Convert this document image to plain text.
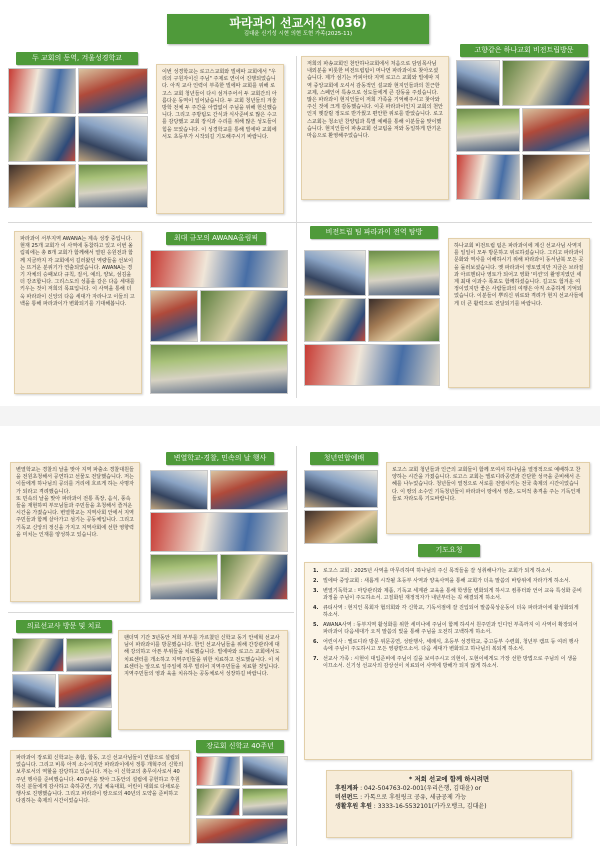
파라과이 선교서신 (036)
김대윤 신기성 시현 의현 도현 가족(2025-11)
두 교회의 동역, 겨울성경학교
이번 성경학교는 로고스교회와 빌에따 교회에서 "우리의 구원자이신 주님" 주제로 연이어 진행되었습니다. 아직 교사 인력이 부족한 빌에따 교회를 위해 로고스 교회 청년들이 다시 섬겨주어서 두 교회간의 아름다운 동역이 일어났습니다. 두 교회 청년들의 겨울 방학 전체 두 주간을 아깝없이 주님을 위해 헌신했습니다. 그리고 주방팀도 간식과 식사준비로 많은 수고를 감당했고 교회 장식과 수리를 위해 많은 성도들이 힘을 모았습니다. 이 성경학교를 통해 빌에따 교회에서도 초등부가 시작되길 기도해주시기 바랍니다.
저희의 파송교회인 천안하나교회에서 처음으로 담임목사님 내외분을 비롯한 비전트립팀이 머나먼 파라과이로 찾아오셨습니다. 제가 섬기는 카피아타 지역 로고스 교회와 빌에따 지역 중앙교회에 오셔서 감동적인 설교와 현지인들과의 친근한 교제, 스페인어 특송으로 성도들에게 큰 감동을 주셨습니다. 많은 파라과이 현지인들이 저희 가족을 기억해주시고 찾아와주신 것에 크게 감동했습니다. 이곳 파라과이인지 교회의 천안인지 헷갈릴 정도로 반가웠고 편안한 위로를 받았습니다. 로고스교회는 청소년 찬양팀과 특별 예배를 통해 이분들을 맞이했습니다. 현지인들이 파송교회 선교팀을 저와 동일하게 반기운 마음으로 환영해주었습니다.
고향같은 하나교회 비전트립방문
파라과이 서부지역 AWANA는 계속 성장 중입니다. 현재 25개 교회가 이 사역에 동참하고 있고 이번 올림픽에는 총 8개 교회가 함께해서 열띤 응원전과 함께 지금까지 각 교회에서 길러왔던 역량들을 선보이는 뜨거운 분위기가 연출되었습니다. AWANA는 경기 자체의 승패보다 규칙, 질서, 예의, 양보, 섬김을 더 강조합니다. 그리스도의 성품을 갈은 다음 세대를 키우는 것이 저희의 목표입니다. 이 사역을 통해 더욱 파라과이 신앙의 다음 세대가 자라나고 이들의 고백을 통해 파라과이가 변화되기를 기대해봅니다.
최대 규모의 AWANA올림픽
비전트립 팀 파라과이 전역 탐방
하나교회 비전트립 팀은 파라과이에 계신 선교사님 사역지를 일일이 모두 방문하고 위로하셨습니다. 그리고 파라과이 문화와 역사를 이해하시기 위해 파라과이 동서남북 모든 곳을 돌러보셨습니다. 옛 파라과이 영토였지만 지금은 브라질과 아르헨티나 영토가 되어고 영화 '미션'의 촬영지였던 세계 최대 이과수 폭포도 함께하셨습니다. 길고도 험겨운 여정이었지만 좋은 사람들과의 여행은 아직 소중하게 기억되었습니다. 이분들이 뿌리신 위로와 격려가 현지 선교사들에게 더 큰 활력으로 전달되기를 바랍니다.
변열학교는 경찰의 날을 맞아 지역 파출소 경찰대원들을 전원초청해서 공연하고 선물도 전달했습니다. 저는 이들에게 하나님의 공의를 거리에 흐르게 하는 사명자가 되라고 격려했습니다.
또 민속의 날을 맞아 파라과이 전통 폭장, 음식, 풍속들을 재현하며 부모님들과 주민들을 초청해서 즐겨운 시간을 가졌습니다. 변열학교는 지역사회 안에서 지역주민들과 함께 살아가고 섬기는 공동체입니다. 그리고 기독교 신앙의 정신을 가지고 지역사회에 선한 영향력을 미치는 인재를 양성하고 있습니다.
변열학교-경찰, 민속의 날 행사	청년연합예배
로고스 교회 청년들과 인근의 교회들이 함께 모여서 하나님을 열정적으로 예배하고 찬양하는 시간을 가졌습니다. 로고스 교회는 엘로디라공연과 간단한 성극을 준비해서 은혜를 나누었습니다. 청년들이 열정으로 서로를 전염시키는 전국 축제의 시간이었습니다. 이 땅의 소수인 기독청년들이 파라과이 땅에서 영혼, 도덕적 총격을 주는 기독인재들로 자라도록 기도바랍니다.
의료선교사 방문 및 치료
팬더믹 기간 3년동안 저희 부부를 가르쳤던 신학교 동기 안세혁 선교사님이 파라과이를 방문했습니다. 한인 선교사님들을 위해 간강관리에 대해 강의하고 아픈 부위들을 치료했습니다. 빌에따와 로고스 교회에서도 치료센터를 개소하고 지역주민들을 위한 치료하고 전도했습니다. 이 치료센터는 앞으로 일주일에 하루 빌리어 지역주민들을 치료할 것입니다. 지역주민들의 영과 육을 치유하는 공동체로서 성장하길 바랍니다.
장로회 신학교 40주년
파라과이 장로회 신학교는 총합, 합동, 고신 선교사님들이 연합으로 설립되었습니다. 그리고 비록 아직 소수이지만 파라과이에서 정통 개혁주의 신학의 보루로서의 역할을 감당하고 있습니다. 저는 이 신학교의 총무이사로서 40주년 행사를 준비했습니다. 40주년을 맞아 그동안의 설립에 공헌하고 후원하신 분들에게 감사하고 축하공연, 기념 체육대회, 어린이 대회로 다채로운 행사로 진행했습니다. 그리고 파라과이 땅으로의 40년의 도약을 준비하고 다짐하는 축제의 시간이었습니다.
기도요청
1. 로고스 교회 : 2025년 사역을 마무리하며 하나님의 주신 목적들을 잘 성취해나가는 교회가 되게 하소서.
2. 빌에따 중앙교회 : 새롭게 시작될 초등부 사역과 양육사역을 통해 교회가 더욱 말씀의 바탕위에 자라가게 하소서.
3. 변열기독학교 : 마당관리와 제품, 기독교 세계관 교육을 통해 학생들 변화되게 하시고 컴퓨터와 언어 교육 특성화 준비과정을 주님이 주도하소서. 고질화된 재정적자가 내년부터는 꼭 해결되게 하소서.
4. 큐티사역 : 현지인 목회자 협의회와 각 신학교, 기독서점에 잘 진입되어 말씀묵상운동이 더욱 파라과이에 활성화되게 하소서.
5. AWANA사역 : 동부지역 활성화를 위한 세미나에 주님이 함께 하셔서 원주민과 인디언 부족까지 이 사역이 확장되어 파라과이 다음세대가 오직 말씀의 빛을 통해 주님을 오전히 고백하게 하소서.
6. 어린이사 : 엘로디라 방문 위문공연, 성탄행사, 세례식, 초등부 성경학교, 중고등부 수련회, 청년부 캠프 등 여러 행사 속에 주님이 주도하시고 모든 영광받으소서. 다음 세대가 변화되고 하나님의 복되게 하소서.
7. 선교사 가족 : 시현이 대입준비에 주님이 길을 보여주시고 의현이, 도현이에게도 가장 선한 방법으로 주님의 이 생을 이끄소서. 신기성 선교사의 감상선이 치료되어 사역에 방해가 되지 않게 하소서.
* 저희 선교에 함께 하시려면
후원계좌 : 042-504763-02-001(우리은행, 김대윤) or
미션펀드 : 카톡으로 후원링크 공유, 세금공제 가능
생활후원 후원 : 3333-16-5532101(카카오뱅크, 김대윤)
